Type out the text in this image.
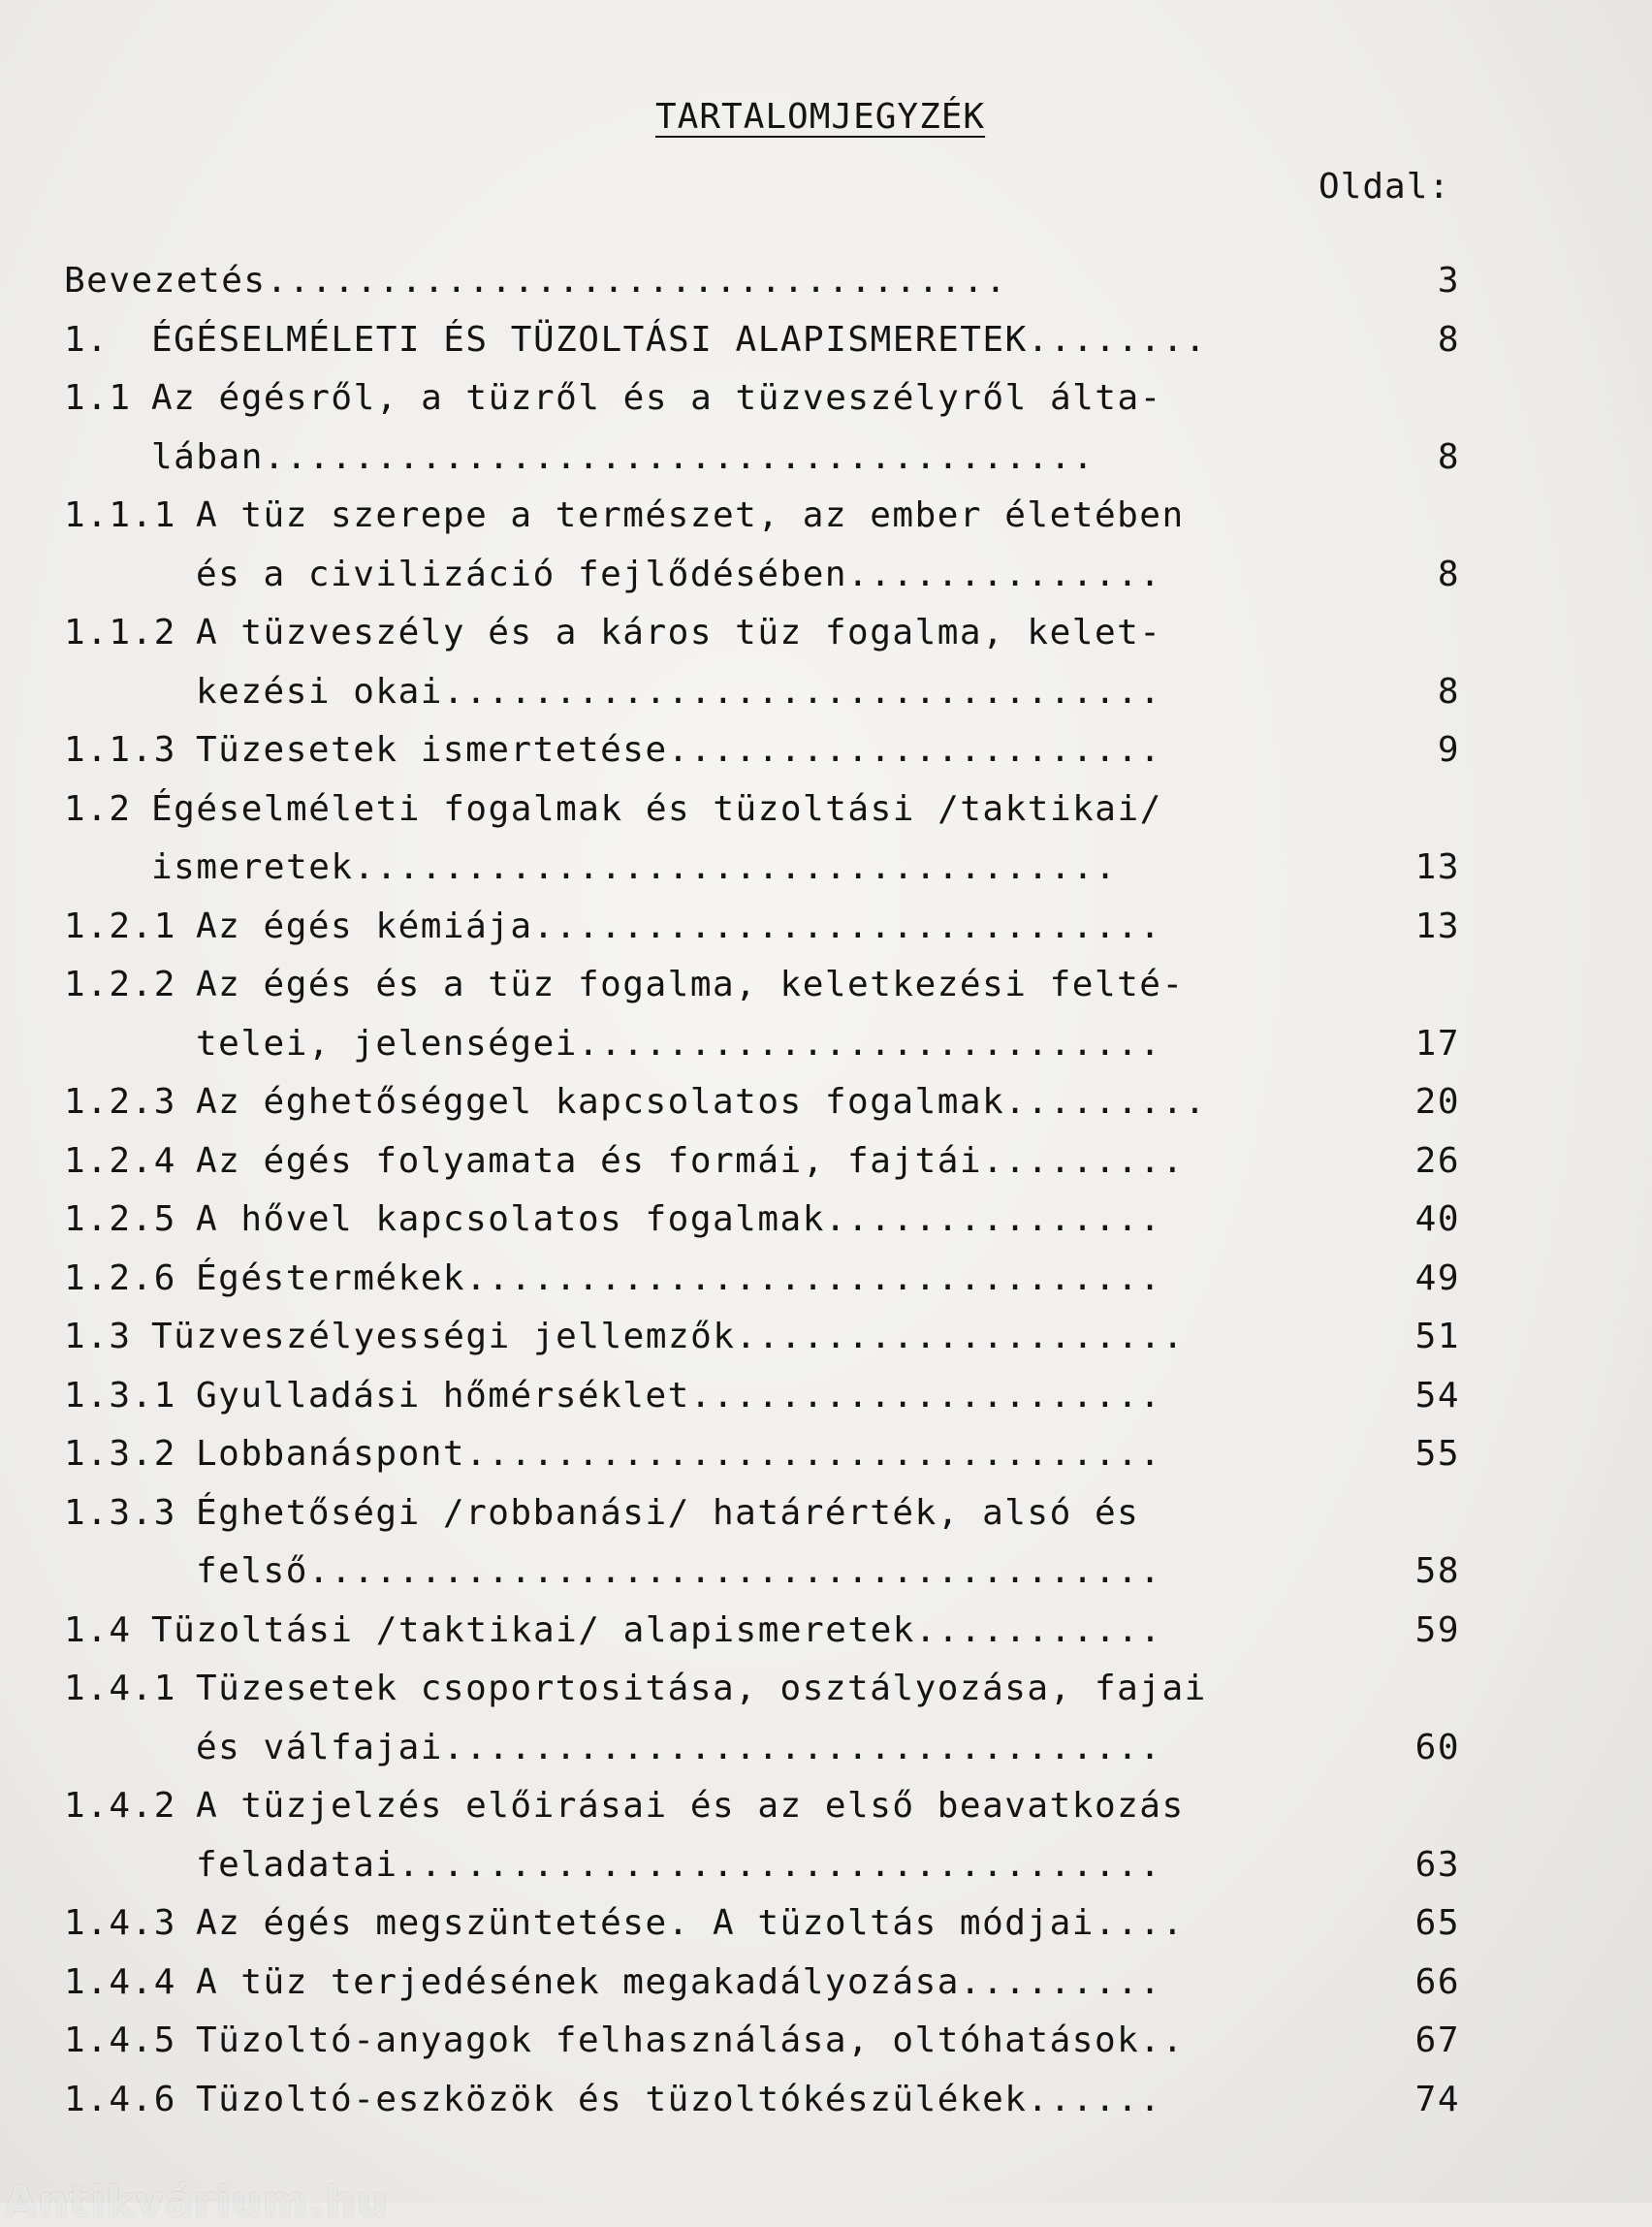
TARTALOMJEGYZÉK
Oldal:
Bevezetés.................................	3
1. ÉGÉSELMÉLETI ÉS TÜZOLTÁSI ALAPISMERETEK........	8
1.1 Az égésről, a tüzről és a tüzveszélyről álta-
lában.....................................	8
1.1.1 A tüz szerepe a természet, az ember életében
és a civilizáció fejlődésében..............	8
1.1.2 A tüzveszély és a káros tüz fogalma, kelet-
kezési okai................................	8
1.1.3 Tüzesetek ismertetése......................	9
1.2 Égéselméleti fogalmak és tüzoltási /taktikai/
ismeretek..................................	13
1.2.1 Az égés kémiája............................	13
1.2.2 Az égés és a tüz fogalma, keletkezési felté-
telei, jelenségei..........................	17
1.2.3 Az éghetőséggel kapcsolatos fogalmak.........	20
1.2.4 Az égés folyamata és formái, fajtái.........	26
1.2.5 A hővel kapcsolatos fogalmak...............	40
1.2.6 Égéstermékek...............................	49
1.3 Tüzveszélyességi jellemzők....................	51
1.3.1 Gyulladási hőmérséklet.....................	54
1.3.2 Lobbanáspont...............................	55
1.3.3 Éghetőségi /robbanási/ határérték, alsó és
felső......................................	58
1.4 Tüzoltási /taktikai/ alapismeretek...........	59
1.4.1 Tüzesetek csoportositása, osztályozása, fajai
és válfajai................................	60
1.4.2 A tüzjelzés előirásai és az első beavatkozás
feladatai..................................	63
1.4.3 Az égés megszüntetése. A tüzoltás módjai....	65
1.4.4 A tüz terjedésének megakadályozása.........	66
1.4.5 Tüzoltó-anyagok felhasználása, oltóhatások..	67
1.4.6 Tüzoltó-eszközök és tüzoltókészülékek......	74
Antikvárium.hu
